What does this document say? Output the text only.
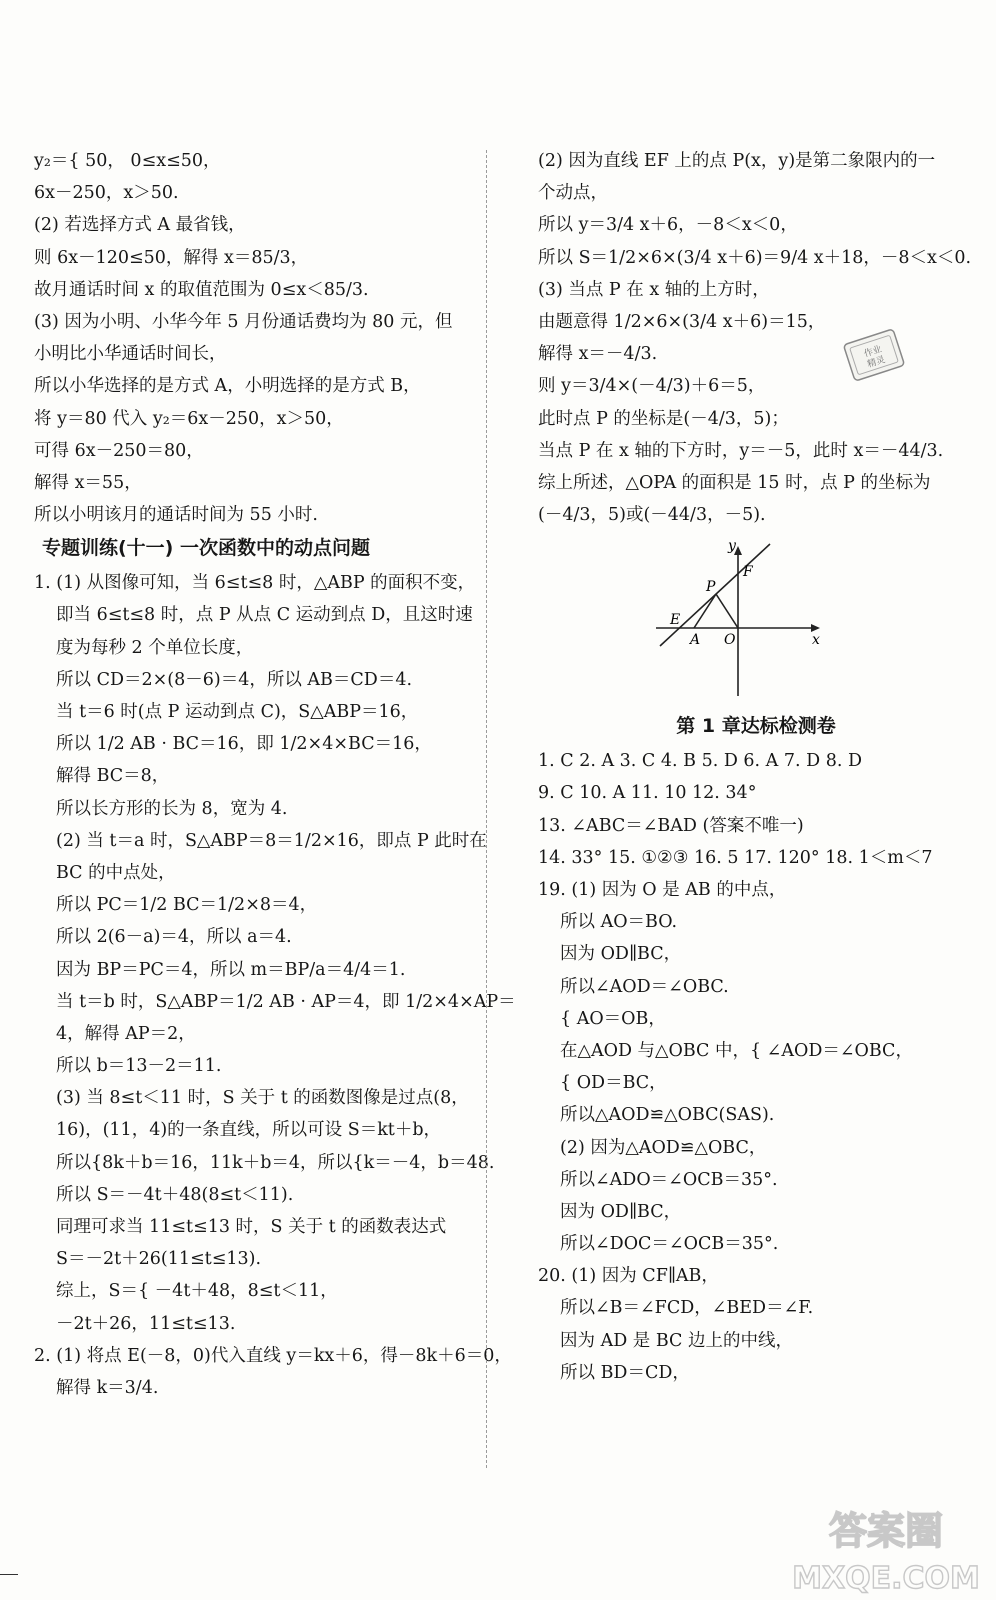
y₂＝{ 50， 0≤x≤50，
6x－250，x＞50.
(2) 若选择方式 A 最省钱，
则 6x－120≤50，解得 x＝85/3，
故月通话时间 x 的取值范围为 0≤x＜85/3.
(3) 因为小明、小华今年 5 月份通话费均为 80 元，但
小明比小华通话时间长，
所以小华选择的是方式 A，小明选择的是方式 B，
将 y＝80 代入 y₂＝6x－250，x＞50，
可得 6x－250＝80，
解得 x＝55，
所以小明该月的通话时间为 55 小时.
专题训练(十一) 一次函数中的动点问题
1. (1) 从图像可知，当 6≤t≤8 时，△ABP 的面积不变，
即当 6≤t≤8 时，点 P 从点 C 运动到点 D，且这时速
度为每秒 2 个单位长度，
所以 CD＝2×(8－6)＝4，所以 AB＝CD＝4.
当 t＝6 时(点 P 运动到点 C)，S△ABP＝16，
所以 1/2 AB · BC＝16，即 1/2×4×BC＝16，
解得 BC＝8，
所以长方形的长为 8，宽为 4.
(2) 当 t＝a 时，S△ABP＝8＝1/2×16，即点 P 此时在
BC 的中点处，
所以 PC＝1/2 BC＝1/2×8＝4，
所以 2(6－a)＝4，所以 a＝4.
因为 BP＝PC＝4，所以 m＝BP/a＝4/4＝1.
当 t＝b 时，S△ABP＝1/2 AB · AP＝4，即 1/2×4×AP＝
4，解得 AP＝2，
所以 b＝13－2＝11.
(3) 当 8≤t＜11 时，S 关于 t 的函数图像是过点(8，
16)，(11，4)的一条直线，所以可设 S＝kt＋b，
所以{8k＋b＝16，11k＋b＝4，所以{k＝－4，b＝48.
所以 S＝－4t＋48(8≤t＜11).
同理可求当 11≤t≤13 时，S 关于 t 的函数表达式
S＝－2t＋26(11≤t≤13).
综上，S＝{ －4t＋48，8≤t＜11，
－2t＋26，11≤t≤13.
2. (1) 将点 E(－8，0)代入直线 y＝kx＋6，得－8k＋6＝0，
解得 k＝3/4.
(2) 因为直线 EF 上的点 P(x，y)是第二象限内的一
个动点，
所以 y＝3/4 x＋6，－8＜x＜0，
所以 S＝1/2×6×(3/4 x＋6)＝9/4 x＋18，－8＜x＜0.
(3) 当点 P 在 x 轴的上方时，
由题意得 1/2×6×(3/4 x＋6)＝15，
解得 x＝－4/3.
则 y＝3/4×(－4/3)＋6＝5，
此时点 P 的坐标是(－4/3，5)；
当点 P 在 x 轴的下方时，y＝－5，此时 x＝－44/3.
综上所述，△OPA 的面积是 15 时，点 P 的坐标为
(－4/3，5)或(－44/3，－5).
y
x
F
P
E
A O
第 1 章达标检测卷
1. C 2. A 3. C 4. B 5. D 6. A 7. D 8. D
9. C 10. A 11. 10 12. 34°
13. ∠ABC＝∠BAD (答案不唯一)
14. 33° 15. ①②③ 16. 5 17. 120° 18. 1＜m＜7
19. (1) 因为 O 是 AB 的中点，
所以 AO＝BO.
因为 OD∥BC，
所以∠AOD＝∠OBC.
{ AO＝OB，
在△AOD 与△OBC 中，{ ∠AOD＝∠OBC，
{ OD＝BC，
所以△AOD≌△OBC(SAS).
(2) 因为△AOD≌△OBC，
所以∠ADO＝∠OCB＝35°.
因为 OD∥BC，
所以∠DOC＝∠OCB＝35°.
20. (1) 因为 CF∥AB，
所以∠B＝∠FCD，∠BED＝∠F.
因为 AD 是 BC 边上的中线，
所以 BD＝CD，
作业
精灵
答案圈
MXQE.COM
